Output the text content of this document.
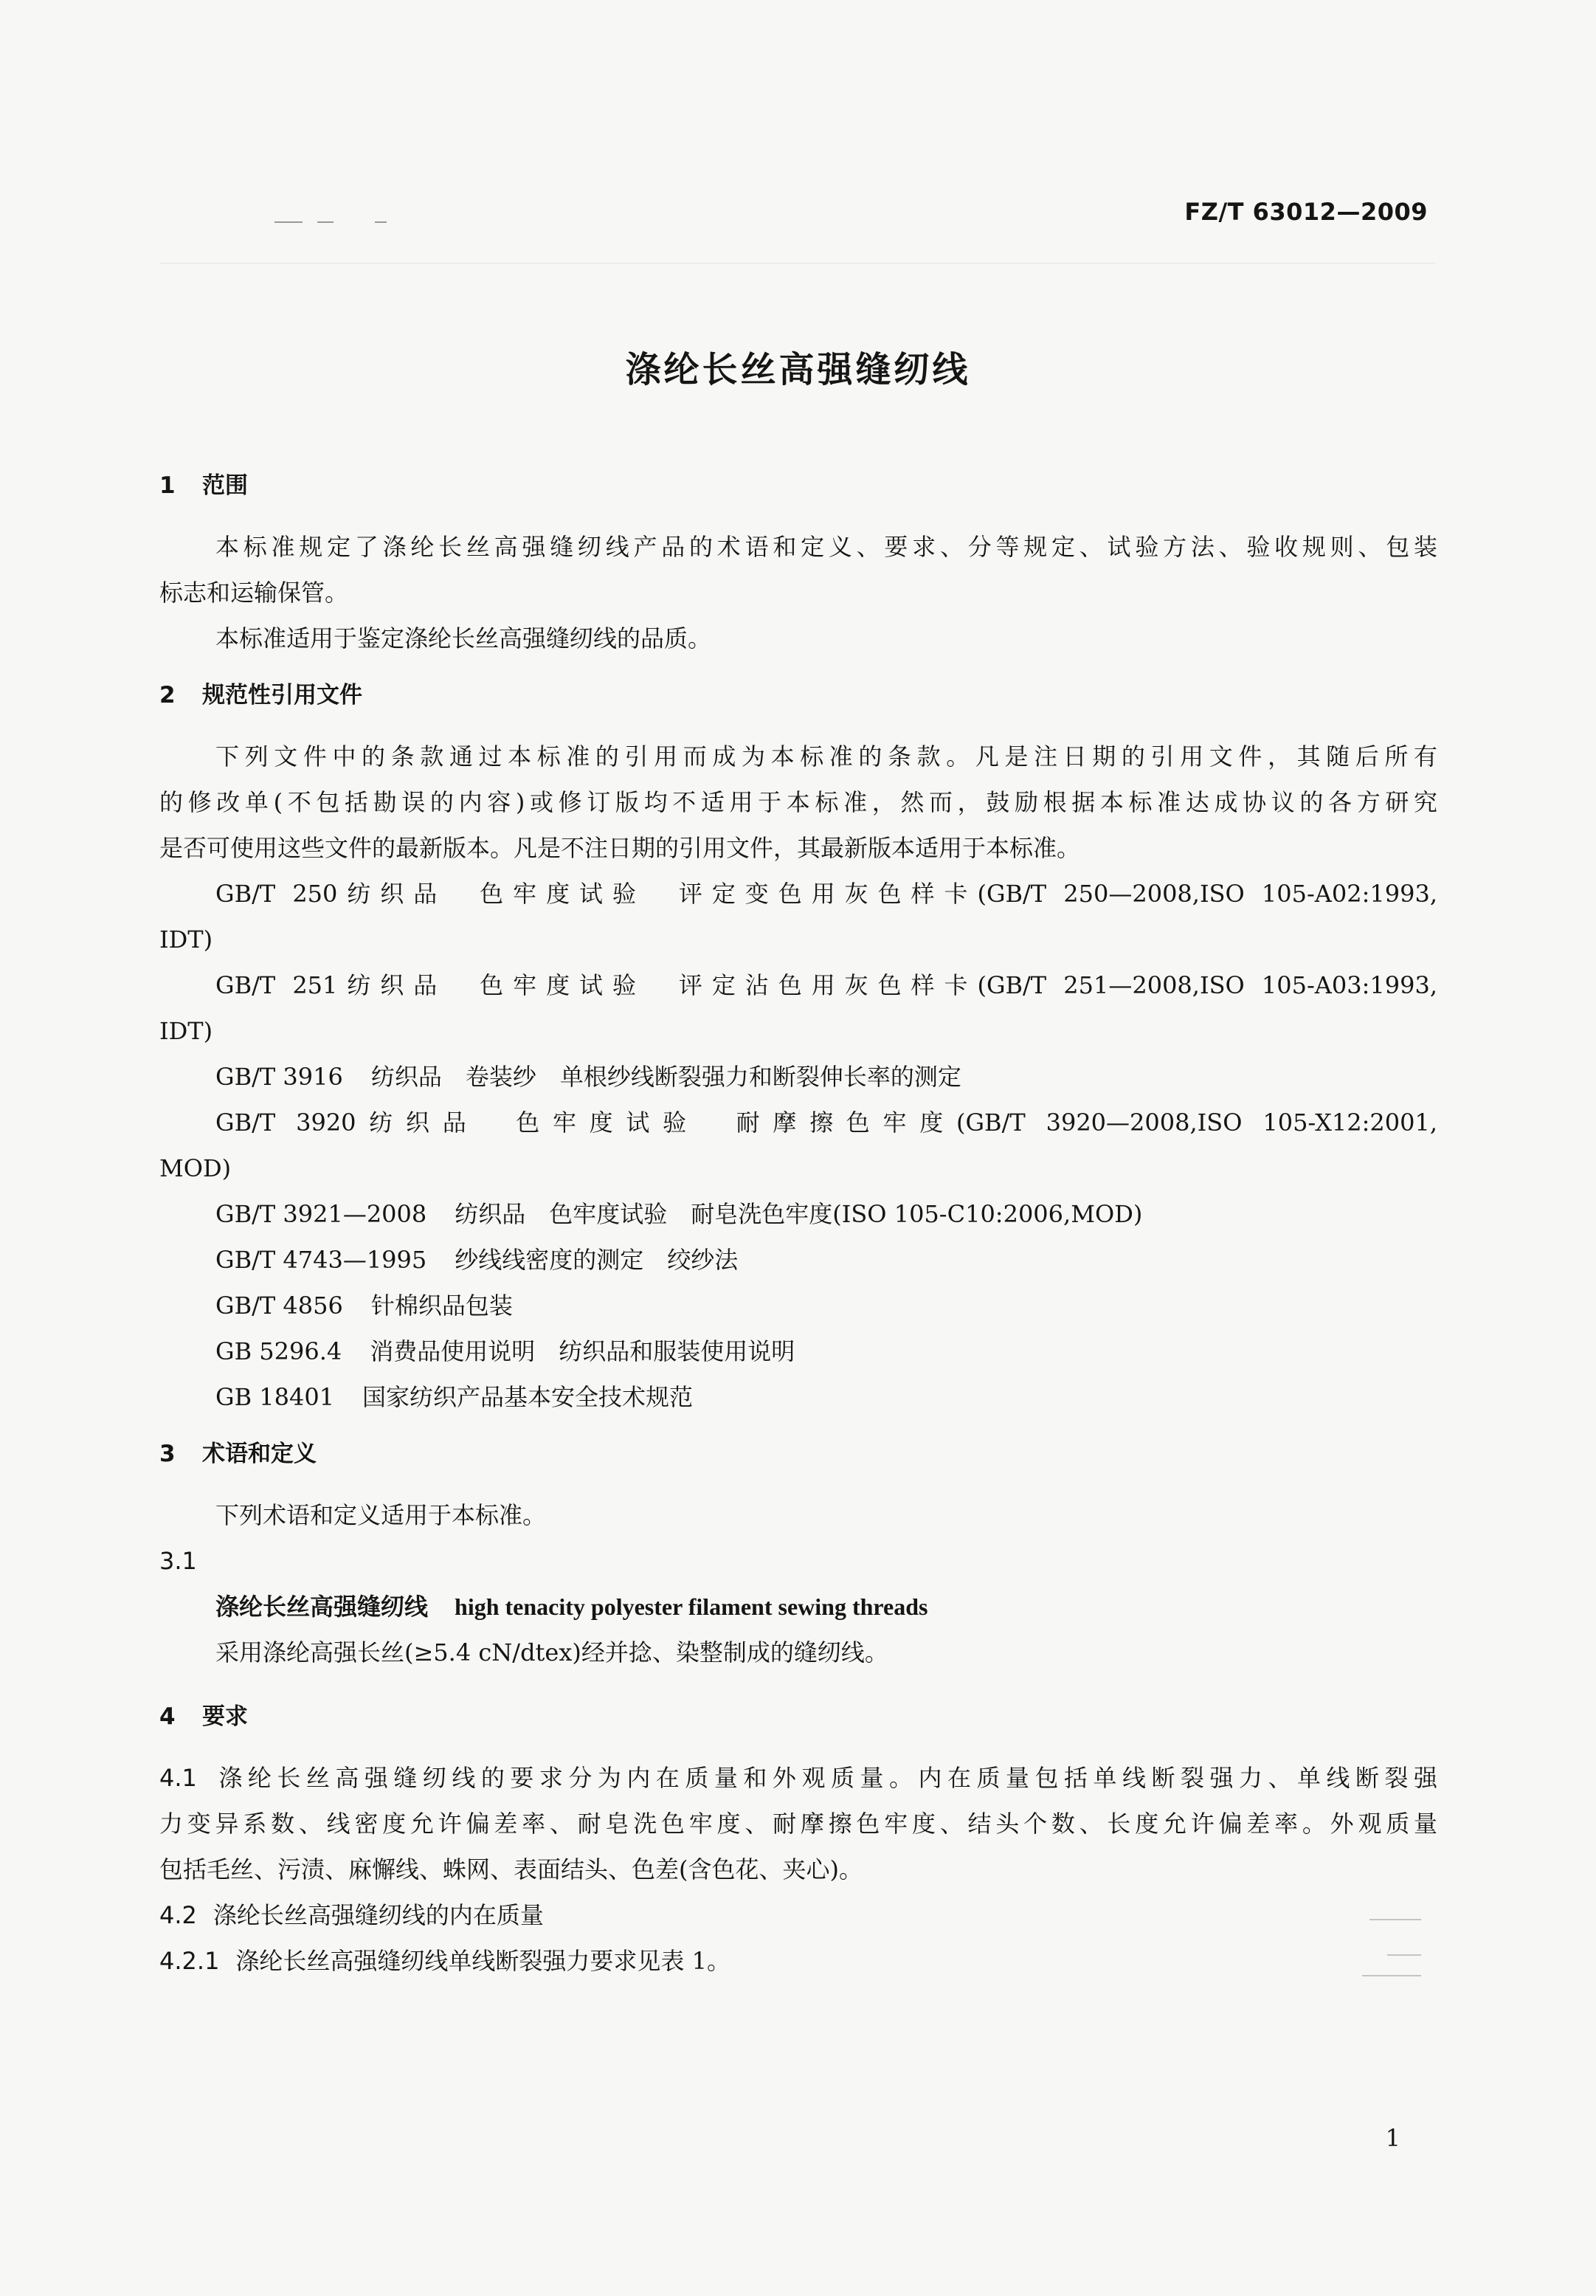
FZ/T 63012—2009
涤纶长丝高强缝纫线
1 范围

本标准规定了涤纶长丝高强缝纫线产品的术语和定义、要求、分等规定、试验方法、验收规则、包装

标志和运输保管。

本标准适用于鉴定涤纶长丝高强缝纫线的品质。

2 规范性引用文件

下列文件中的条款通过本标准的引用而成为本标准的条款。凡是注日期的引用文件，其随后所有

的修改单(不包括勘误的内容)或修订版均不适用于本标准，然而，鼓励根据本标准达成协议的各方研究

是否可使用这些文件的最新版本。凡是不注日期的引用文件，其最新版本适用于本标准。

GB/T 250纺织品　色牢度试验　评定变色用灰色样卡(GB/T 250—2008,ISO 105-A02:1993,
IDT)
GB/T 251纺织品　色牢度试验　评定沾色用灰色样卡(GB/T 251—2008,ISO 105-A03:1993,
IDT)

GB/T 3916 纺织品　卷装纱　单根纱线断裂强力和断裂伸长率的测定

GB/T 3920纺织品　色牢度试验　耐摩擦色牢度(GB/T 3920—2008,ISO 105-X12:2001,
MOD)

GB/T 3921—2008 纺织品　色牢度试验　耐皂洗色牢度(ISO 105-C10:2006,MOD)

GB/T 4743—1995 纱线线密度的测定　绞纱法

GB/T 4856 针棉织品包装

GB 5296.4 消费品使用说明　纺织品和服装使用说明

GB 18401 国家纺织产品基本安全技术规范

3 术语和定义

下列术语和定义适用于本标准。

3.1

涤纶长丝高强缝纫线 high tenacity polyester filament sewing threads

采用涤纶高强长丝(≥5.4 cN/dtex)经并捻、染整制成的缝纫线。

4 要求

4.1 涤纶长丝高强缝纫线的要求分为内在质量和外观质量。内在质量包括单线断裂强力、单线断裂强

力变异系数、线密度允许偏差率、耐皂洗色牢度、耐摩擦色牢度、结头个数、长度允许偏差率。外观质量

包括毛丝、污渍、麻懈线、蛛网、表面结头、色差(含色花、夹心)。

4.2 涤纶长丝高强缝纫线的内在质量

4.2.1 涤纶长丝高强缝纫线单线断裂强力要求见表 1。

1
